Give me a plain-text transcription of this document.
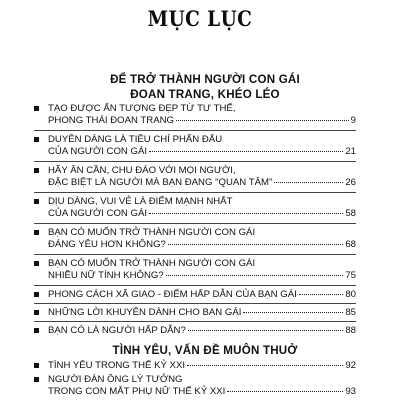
MỤC LỤC
ĐỂ TRỞ THÀNH NGƯỜI CON GÁI
ĐOAN TRANG, KHÉO LÉO
TẠO ĐƯỢC ẤN TƯỢNG ĐẸP TỪ TƯ THẾ,
PHONG THÁI ĐOAN TRANG	9
DUYÊN DÁNG LÀ TIÊU CHÍ PHẤN ĐẤU
CỦA NGƯỜI CON GÁI	21
HÃY ÂN CẦN, CHU ĐÁO VỚI MỌI NGƯỜI,
ĐẶC BIỆT LÀ NGƯỜI MÀ BẠN ĐANG "QUAN TÂM"	26
DỊU DÀNG, VUI VẺ LÀ ĐIỂM MẠNH NHẤT
CỦA NGƯỜI CON GÁI	58
BẠN CÓ MUỐN TRỞ THÀNH NGƯỜI CON GÁI
ĐÁNG YÊU HƠN KHÔNG?	68
BẠN CÓ MUỐN TRỞ THÀNH NGƯỜI CON GÁI
NHIỀU NỮ TÍNH KHÔNG?	75
PHONG CÁCH XÃ GIAO - ĐIỂM HẤP DẪN CỦA BẠN GÁI	80
NHỮNG LỜI KHUYÊN DÀNH CHO BẠN GÁI	85
BẠN CÓ LÀ NGƯỜI HẤP DẪN?	88
TÌNH YÊU, VẤN ĐỀ MUÔN THUỞ
TÌNH YÊU TRONG THẾ KỶ XXI	92
NGƯỜI ĐÀN ÔNG LÝ TƯỞNG
TRONG CON MẮT PHỤ NỮ THẾ KỶ XXI	93
